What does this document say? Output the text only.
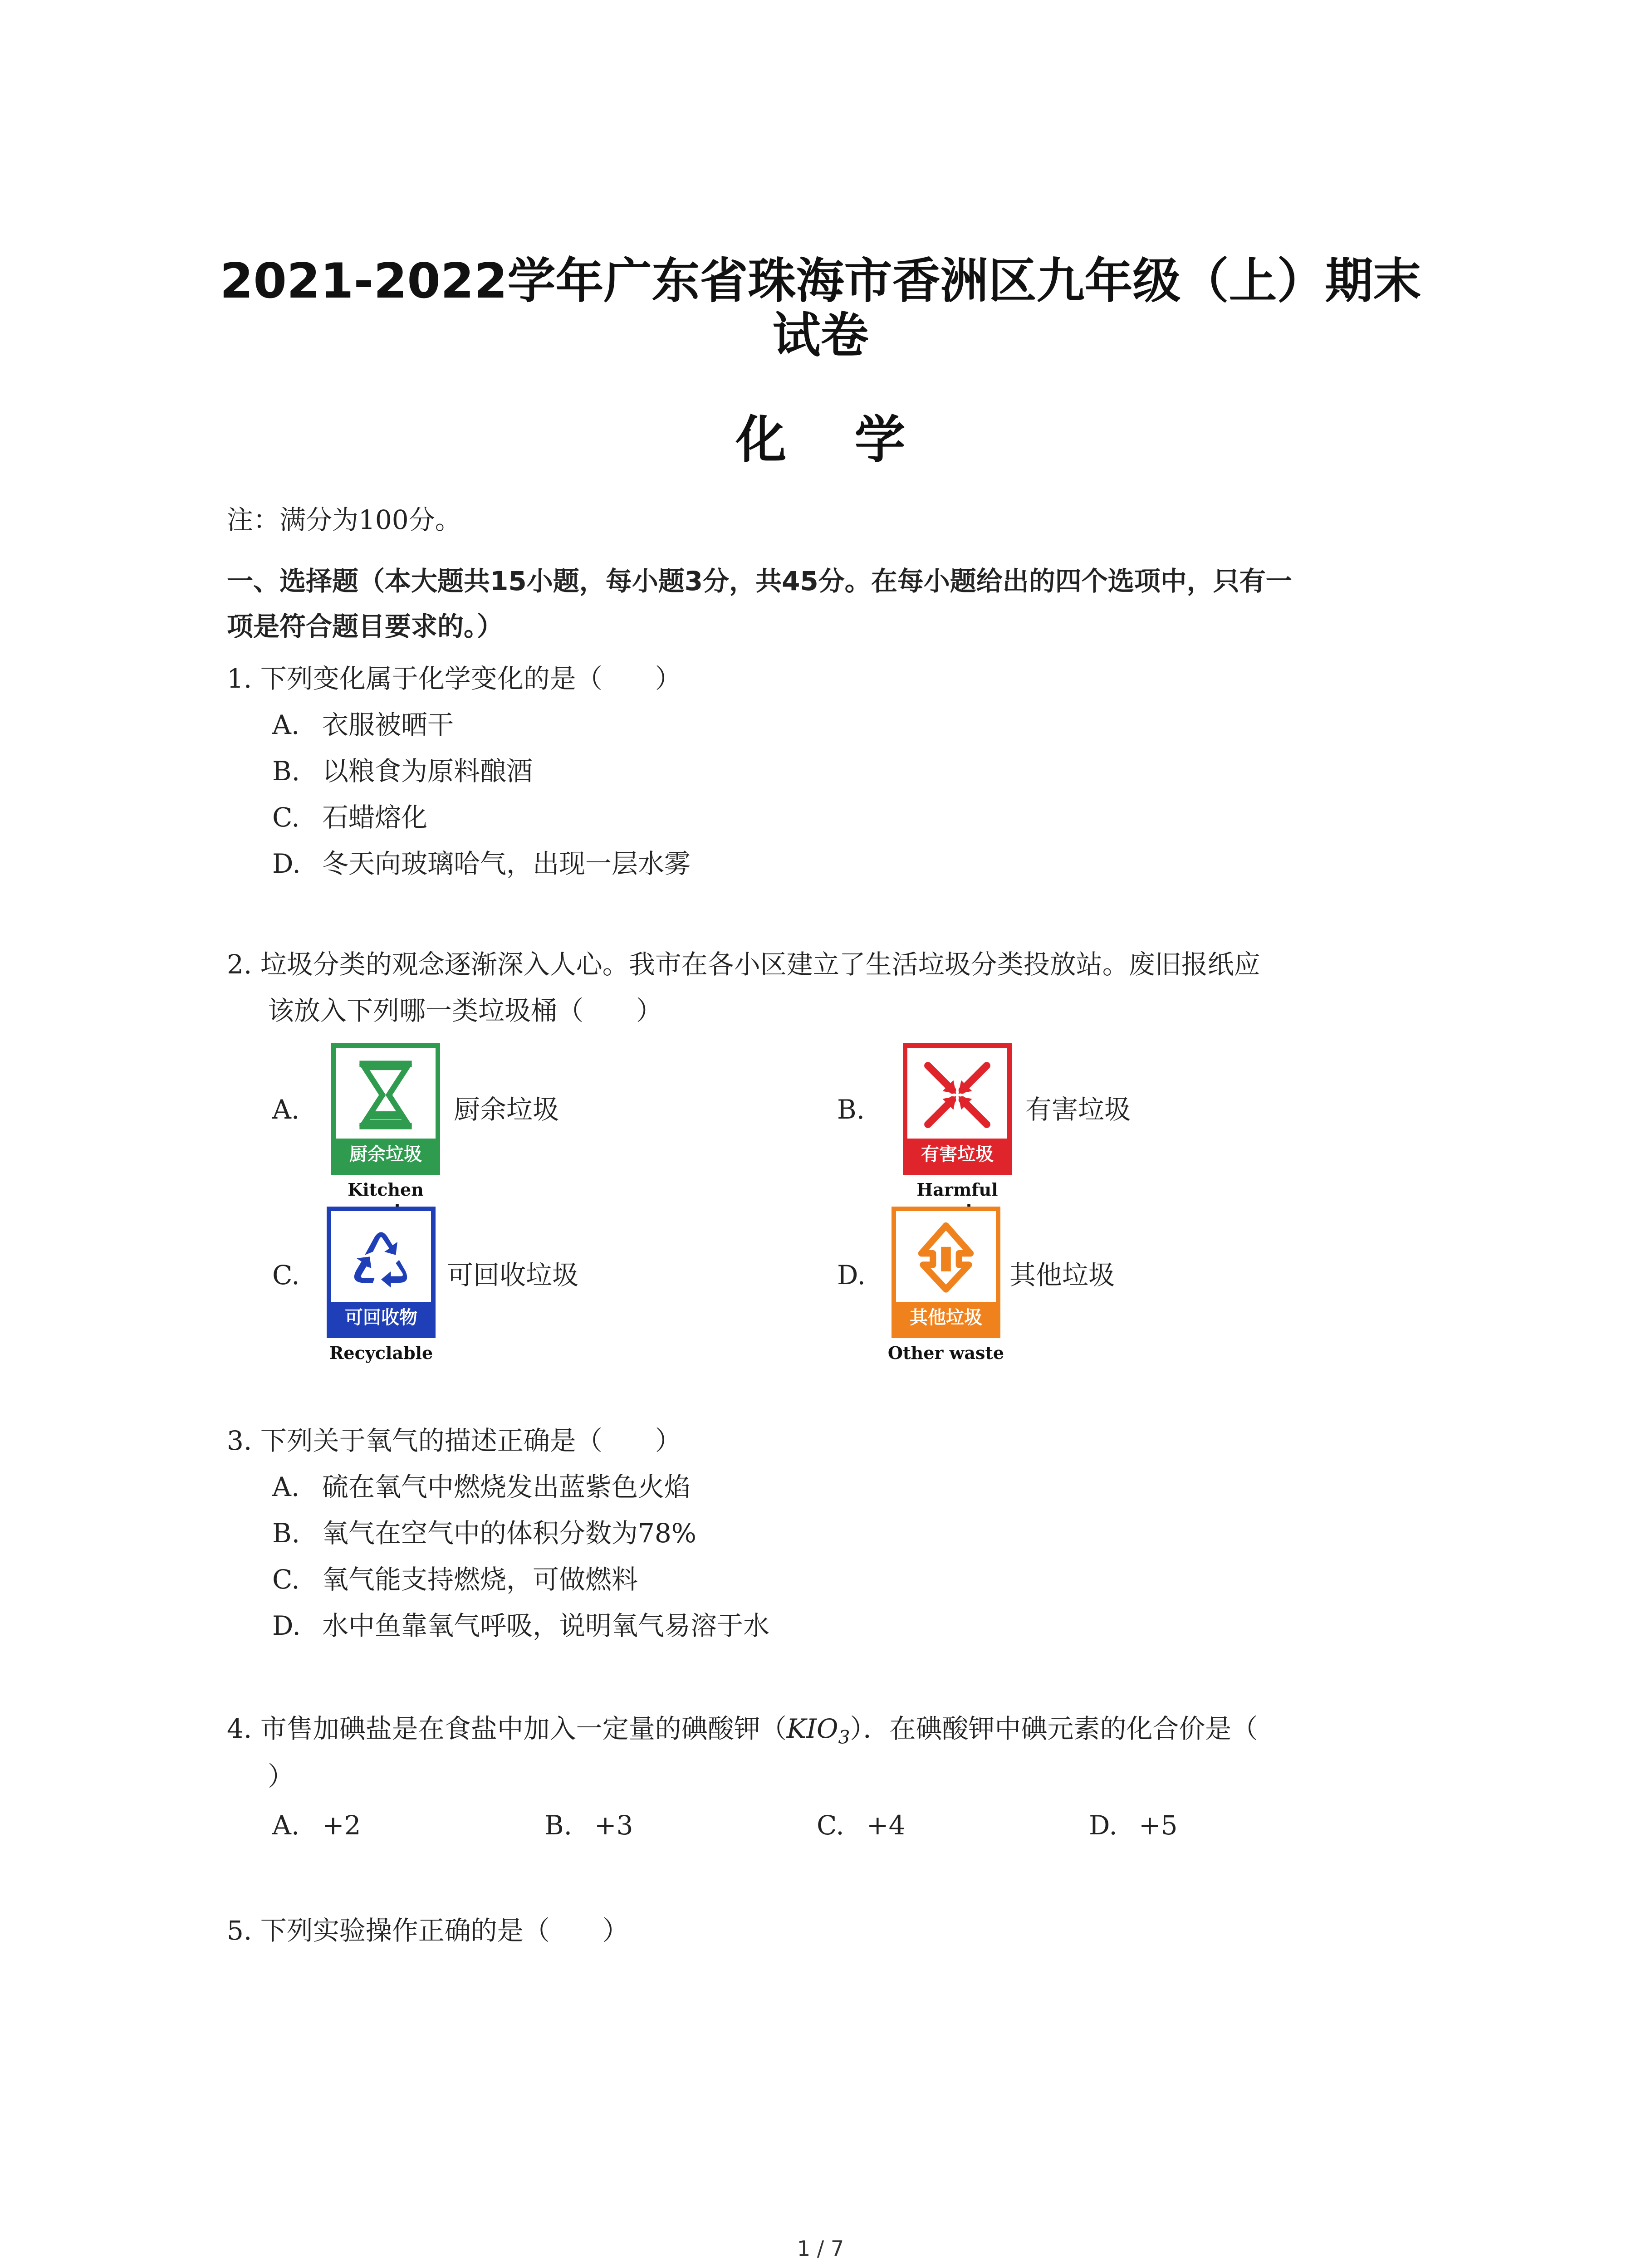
2021-2022学年广东省珠海市香洲区九年级（上）期末
试卷
化学
注：满分为100分。
一、选择题（本大题共15小题，每小题3分，共45分。在每小题给出的四个选项中，只有一
项是符合题目要求的。）
1. 下列变化属于化学变化的是（　　）
A. 衣服被晒干
B. 以粮食为原料酿酒
C. 石蜡熔化
D. 冬天向玻璃哈气，出现一层水雾
2. 垃圾分类的观念逐渐深入人心。我市在各小区建立了生活垃圾分类投放站。废旧报纸应
该放入下列哪一类垃圾桶（　　）
A.
厨余垃圾
Kitchen
厨余垃圾	B.
有害垃圾
Harmful
有害垃圾
C.
可回收物
Recyclable
可回收垃圾	D.
其他垃圾
Other waste
其他垃圾
3. 下列关于氧气的描述正确是（　　）
A. 硫在氧气中燃烧发出蓝紫色火焰
B. 氧气在空气中的体积分数为78%
C. 氧气能支持燃烧，可做燃料
D. 水中鱼靠氧气呼吸，说明氧气易溶于水
4. 市售加碘盐是在食盐中加入一定量的碘酸钾$(KIO_3)$．在碘酸钾中碘元素的化合价是（
）
A. +2	B. +3	C. +4	D. +5
5. 下列实验操作正确的是（　　）
1 / 7
